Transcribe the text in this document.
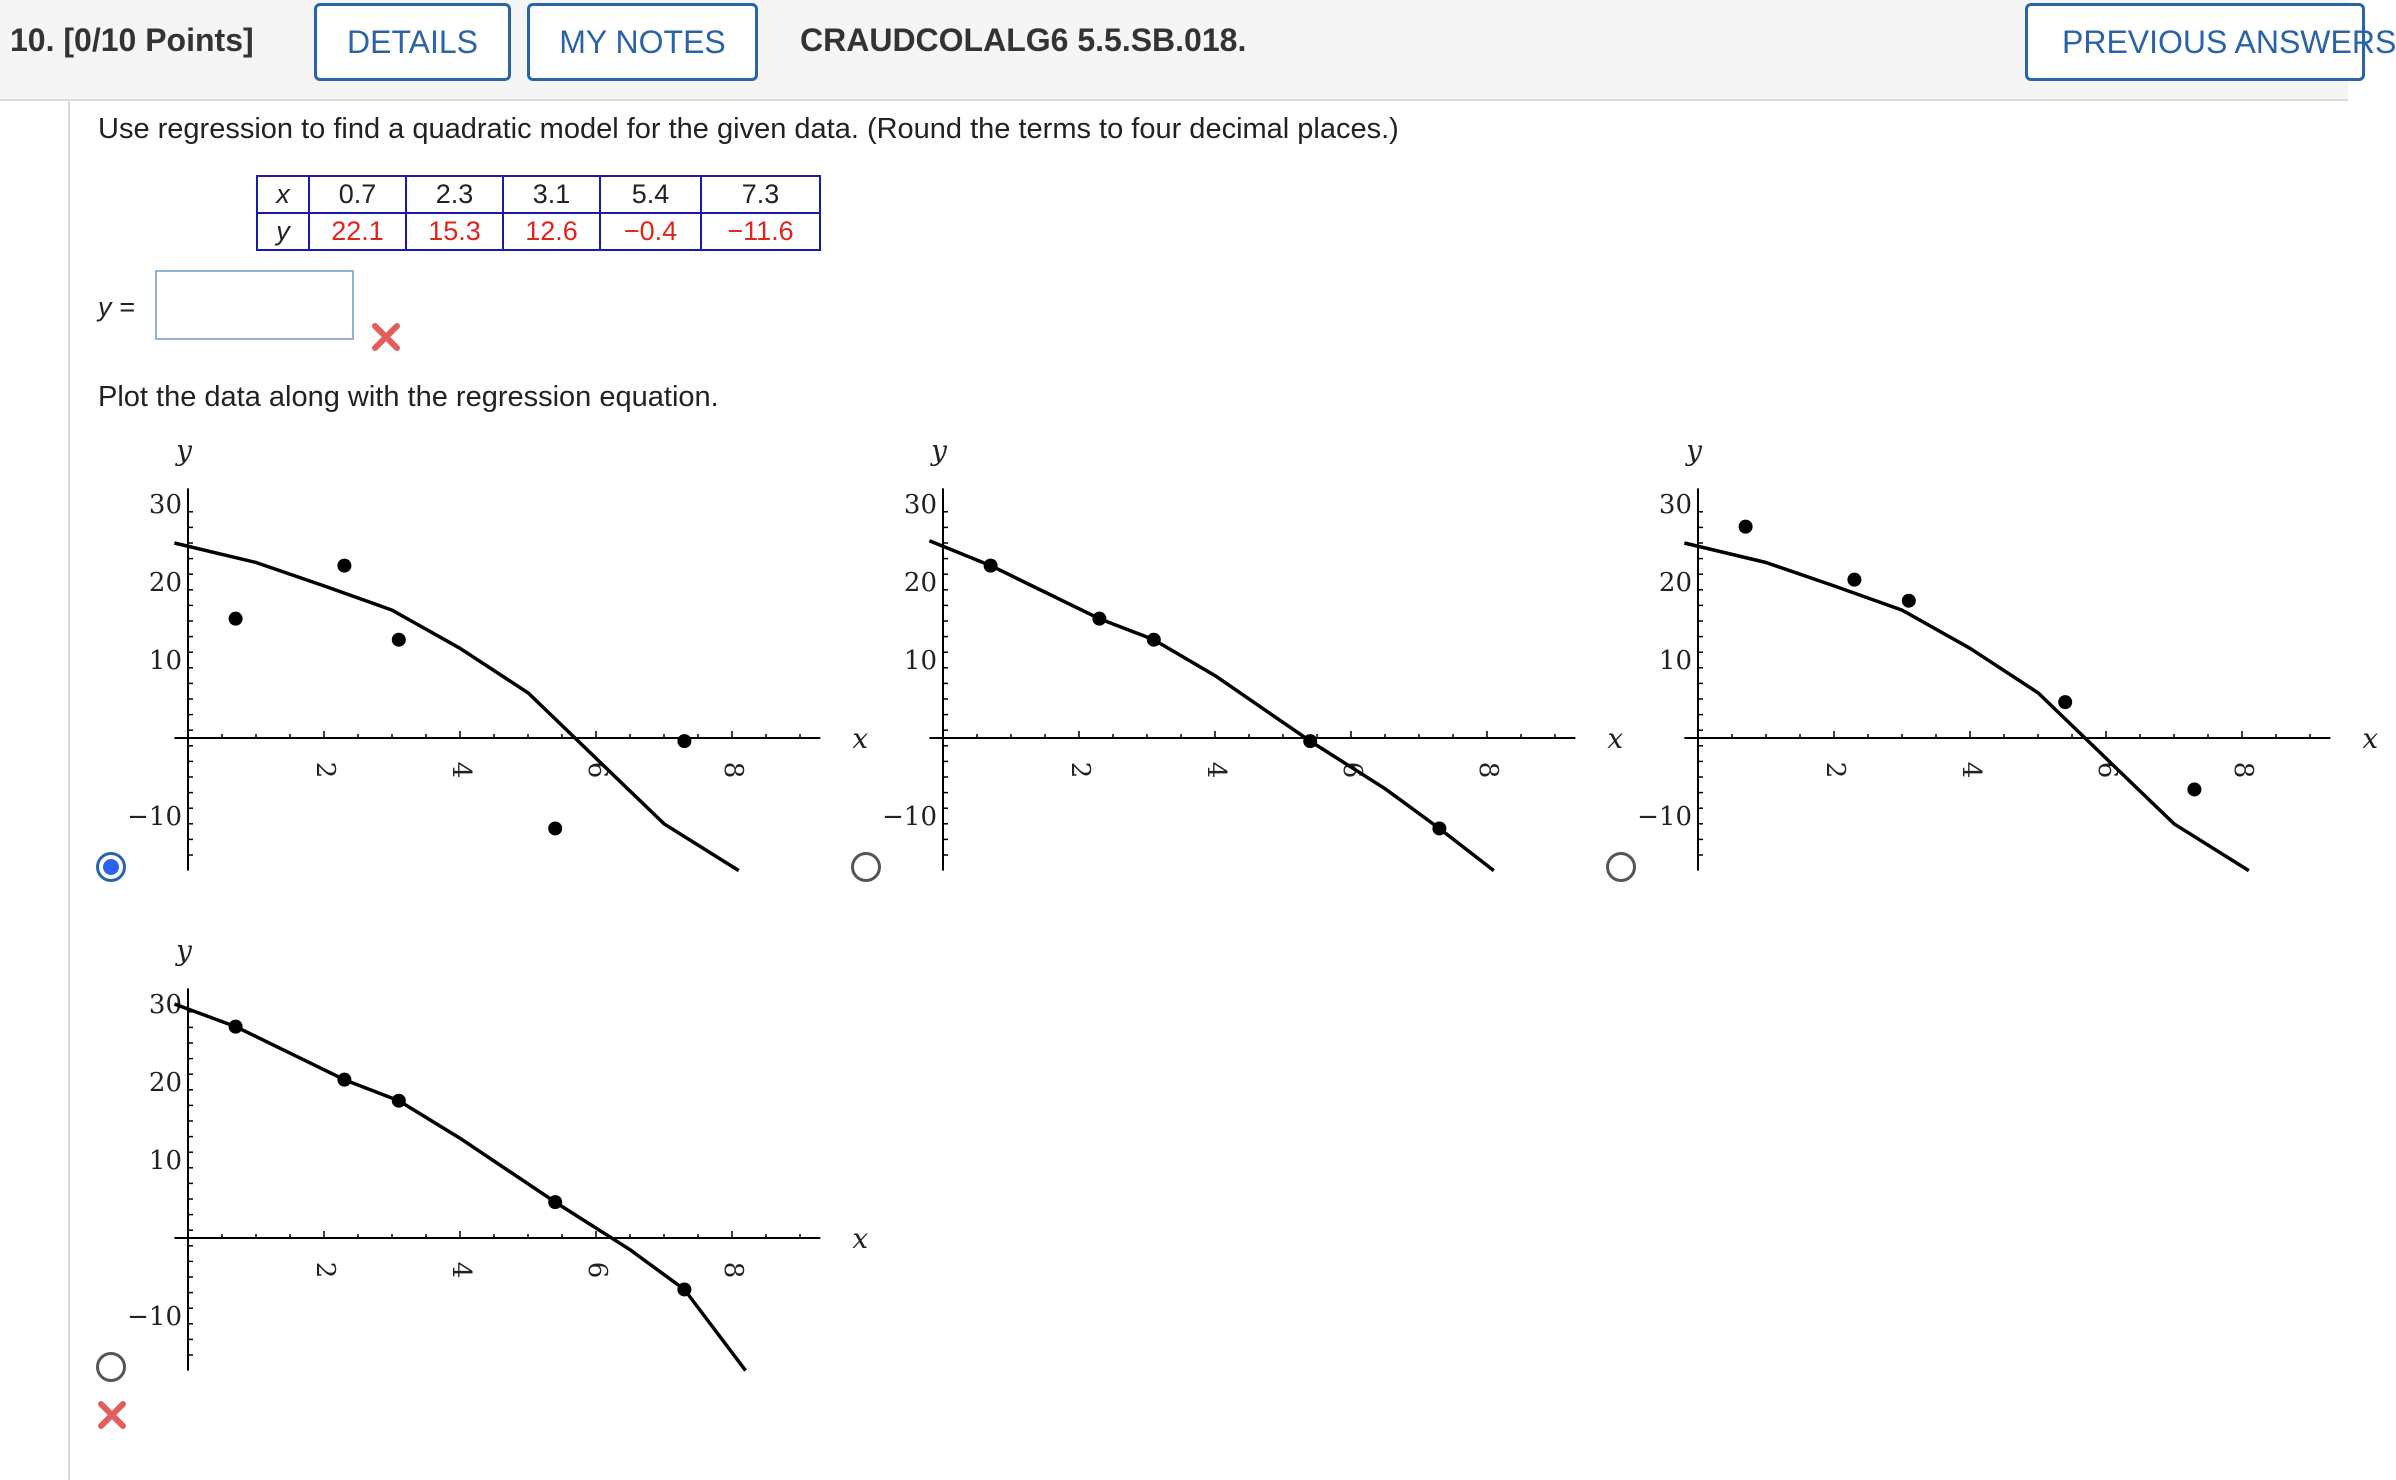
10. [0/10 Points]	DETAILS	MY NOTES	CRAUDCOLALG6 5.5.SB.018.	PREVIOUS ANSWERS
Use regression to find a quadratic model for the given data. (Round the terms to four decimal places.)
x	0.7	2.3	3.1	5.4	7.3
y	22.1	15.3	12.6	−0.4	−11.6
y =
Plot the data along with the regression equation.
2	4	6	8
30
20
10
−10
x
y
2	4	6	8
30
20
10
−10
x
y
2	4	6	8
30
20
10
−10
x
y
2	4	6	8
30
20
10
−10
x
y
